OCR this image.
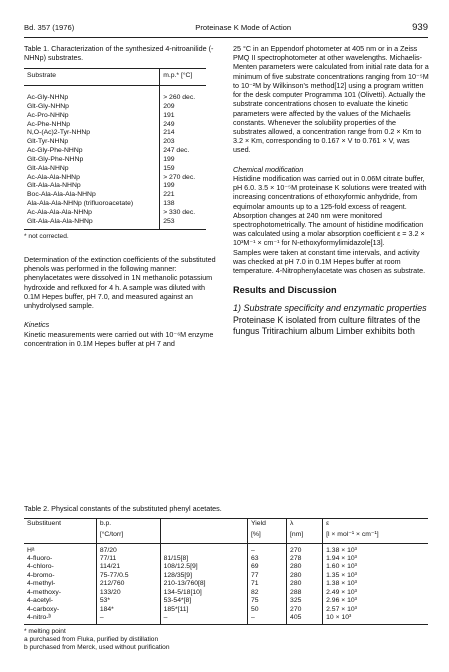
Bd. 357 (1976)	Proteinase K Mode of Action	939

Table 1. Characterization of the synthesized 4-nitroanilide (-NHNp) substrates.

Substrate	m.p.* [°C]
Ac-Gly-NHNp	> 260 dec.
Glt-Gly-NHNp	209
Ac-Pro-NHNp	191
Ac-Phe-NHNp	249
N,O-(Ac)2-Tyr-NHNp	214
Glt-Tyr-NHNp	203
Ac-Gly-Phe-NHNp	247 dec.
Glt-Gly-Phe-NHNp	199
Glt-Ala-NHNp	159
Ac-Ala-Ala-NHNp	> 270 dec.
Glt-Ala-Ala-NHNp	199
Boc-Ala-Ala-Ala-NHNp	221
Ala-Ala-Ala-NHNp (trifluoroacetate)	138
Ac-Ala-Ala-Ala-NHNp	> 330 dec.
Glt-Ala-Ala-Ala-NHNp	253

* not corrected.

Determination of the extinction coefficients of the substituted phenols was performed in the following manner: phenylacetates were dissolved in 1N methanolic potassium hydroxide and refluxed for 4 h. A sample was diluted with 0.1M Hepes buffer, pH 7.0, and measured against an unhydrolysed sample.

Kinetics

Kinetic measurements were carried out with 10⁻⁶M enzyme concentration in 0.1M Hepes buffer at pH 7 and

25 °C in an Eppendorf photometer at 405 nm or in a Zeiss PMQ II spectrophotometer at other wavelengths. Michaelis-Menten parameters were calculated from initial rate data for a minimum of five substrate concentrations ranging from 10⁻⁵M to 10⁻²M by Wilkinson's method[12] using a program written for the desk computer Programma 101 (Olivetti). Actually the substrate concentrations chosen to evaluate the kinetic parameters were affected by the values of the Michaelis constants. Whenever the solubility properties of the substrates allowed, a concentration range from 0.2 × Km to 3.2 × Km, corresponding to 0.167 × V to 0.761 × V, was used.

Chemical modification

Histidine modification was carried out in 0.06M citrate buffer, pH 6.0. 3.5 × 10⁻⁵M proteinase K solutions were treated with increasing concentrations of ethoxyformic anhydride, from equimolar amounts up to a 125-fold excess of reagent. Absorption changes at 240 nm were monitored spectrophotometrically. The amount of histidine modification was calculated using a molar absorption coefficient ε = 3.2 × 10³M⁻¹ × cm⁻¹ for N-ethoxyformylimidazole[13].

Samples were taken at constant time intervals, and activity was checked at pH 7.0 in 0.1M Hepes buffer at room temperature. 4-Nitrophenylacetate was chosen as substrate.

Results and Discussion

1) Substrate specificity and enzymatic properties

Proteinase K isolated from culture filtrates of the fungus Tritirachium album Limber exhibits both

Table 2. Physical constants of the substituted phenyl acetates.

Substituent	b.p.		Yield	λ	ε
	[°C/torr]		[%]	[nm]	[l × mol⁻¹ × cm⁻¹]
Hᵃ	87/20		–	270	1.38 × 10³
4-fluoro-	77/11	81/15[8]	63	278	1.94 × 10³
4-chloro-	114/21	108/12.5[9]	69	280	1.60 × 10³
4-bromo-	75-77/0.5	128/35[9]	77	280	1.35 × 10³
4-methyl-	212/760	210-13/760[8]	71	280	1.38 × 10³
4-methoxy-	133/20	134-5/18[10]	82	288	2.49 × 10³
4-acetyl-	53*	53-54*[8]	75	325	2.96 × 10³
4-carboxy-	184*	185*[11]	50	270	2.57 × 10³
4-nitro-ᵇ	–	–	–	405	10 × 10³
* melting point
a purchased from Fluka, purified by distillation
b purchased from Merck, used without purification
